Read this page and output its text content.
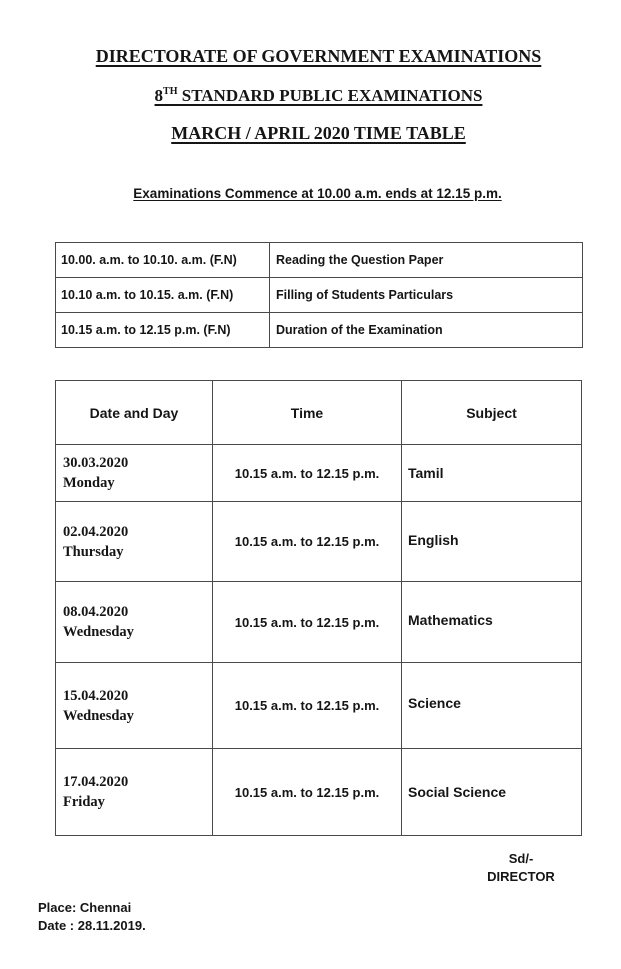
DIRECTORATE OF GOVERNMENT EXAMINATIONS
8TH STANDARD PUBLIC EXAMINATIONS
MARCH / APRIL 2020 TIME TABLE
Examinations Commence at 10.00 a.m. ends at 12.15 p.m.
10.00. a.m. to 10.10. a.m. (F.N)	Reading the Question Paper
10.10 a.m. to 10.15. a.m. (F.N)	Filling of Students Particulars
10.15 a.m. to 12.15 p.m. (F.N)	Duration of the Examination
Date and Day	Time	Subject

30.03.2020
Monday	10.15 a.m. to 12.15 p.m.	Tamil

02.04.2020
Thursday	10.15 a.m. to 12.15 p.m.	English

08.04.2020
Wednesday	10.15 a.m. to 12.15 p.m.	Mathematics

15.04.2020
Wednesday	10.15 a.m. to 12.15 p.m.	Science

17.04.2020
Friday	10.15 a.m. to 12.15 p.m.	Social Science
Sd/-
DIRECTOR
Place: Chennai
Date : 28.11.2019.
